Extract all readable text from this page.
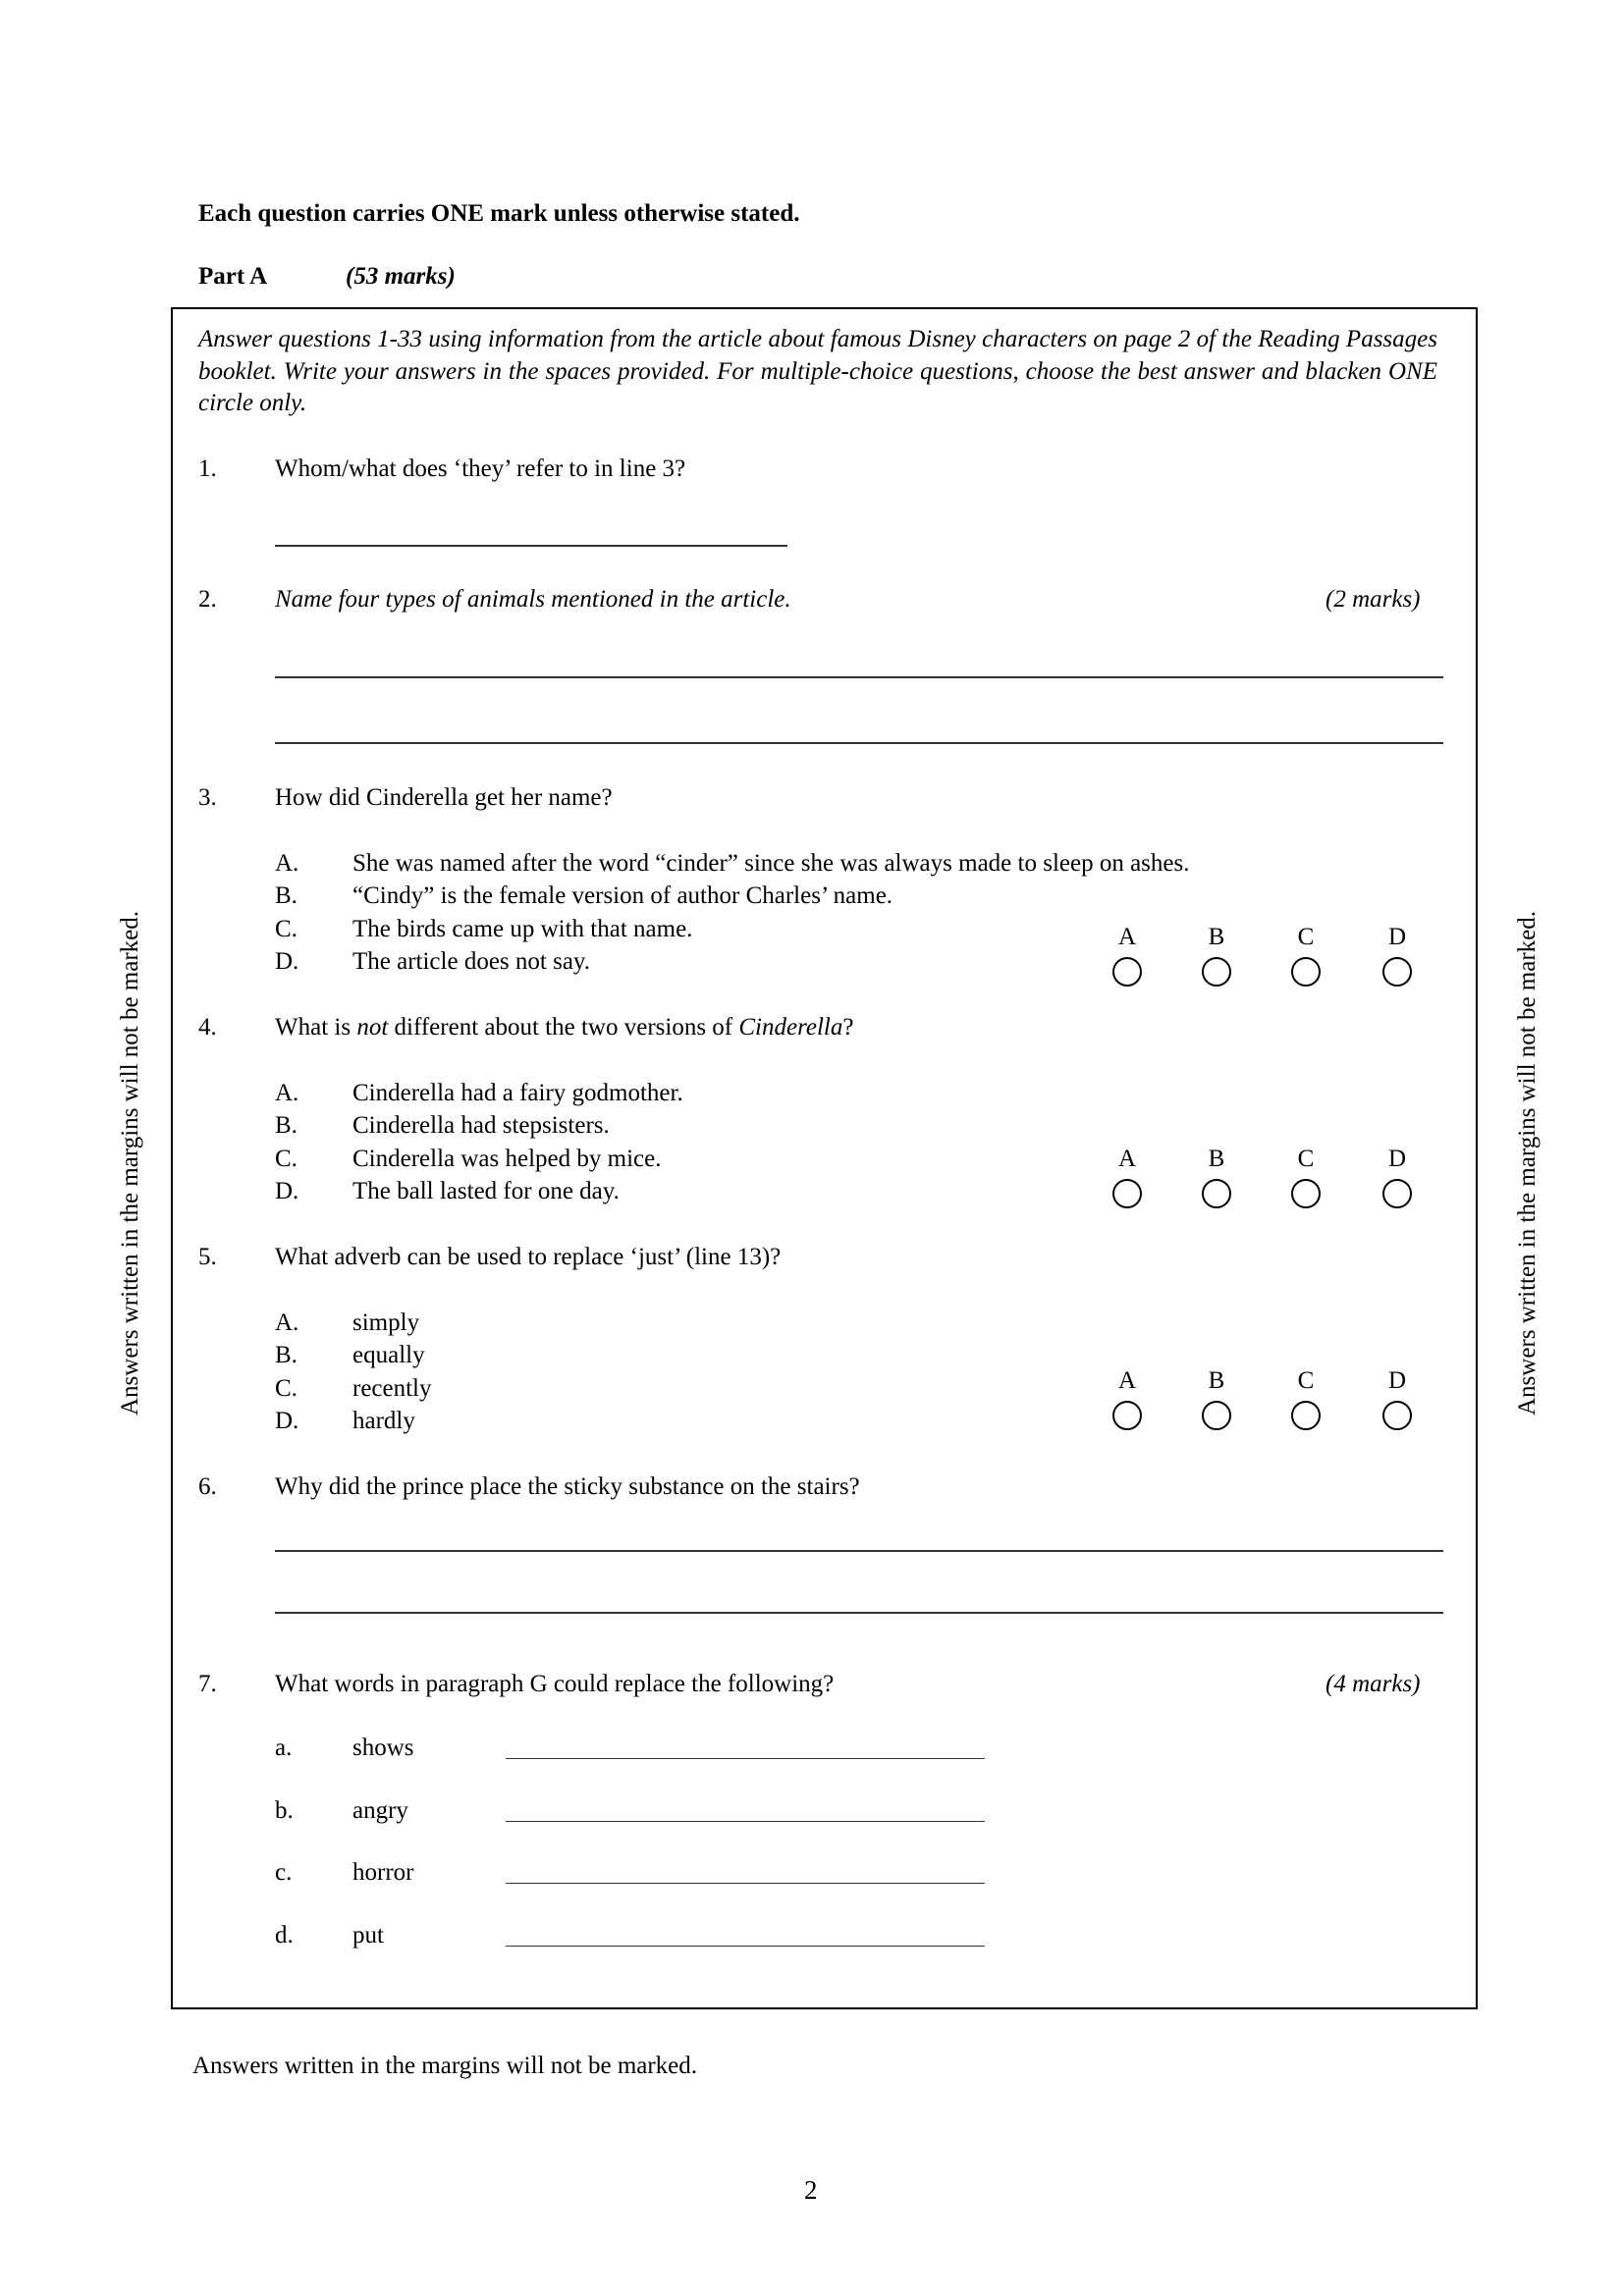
Each question carries ONE mark unless otherwise stated.
Part A	(53 marks)
Answers written in the margins will not be marked.	Answers written in the margins will not be marked.
Answer questions 1-33 using information from the article about famous Disney characters on page 2 of the Reading Passages booklet. Write your answers in the spaces provided. For multiple-choice questions, choose the best answer and blacken ONE circle only.
1. Whom/what does ‘they’ refer to in line 3?
2. Name four types of animals mentioned in the article.	(2 marks)
3. How did Cinderella get her name?
A. She was named after the word “cinder” since she was always made to sleep on ashes.
B. “Cindy” is the female version of author Charles’ name.
C. The birds came up with that name.
D. The article does not say.
A	B	C	D
4. What is not different about the two versions of Cinderella?
A. Cinderella had a fairy godmother.
B. Cinderella had stepsisters.
C. Cinderella was helped by mice.
D. The ball lasted for one day.
A	B	C	D
5. What adverb can be used to replace ‘just’ (line 13)?
A. simply
B. equally
C. recently
D. hardly
A	B	C	D
6. Why did the prince place the sticky substance on the stairs?
7. What words in paragraph G could replace the following?	(4 marks)
a. shows
b. angry
c. horror
d. put
Answers written in the margins will not be marked.
2
